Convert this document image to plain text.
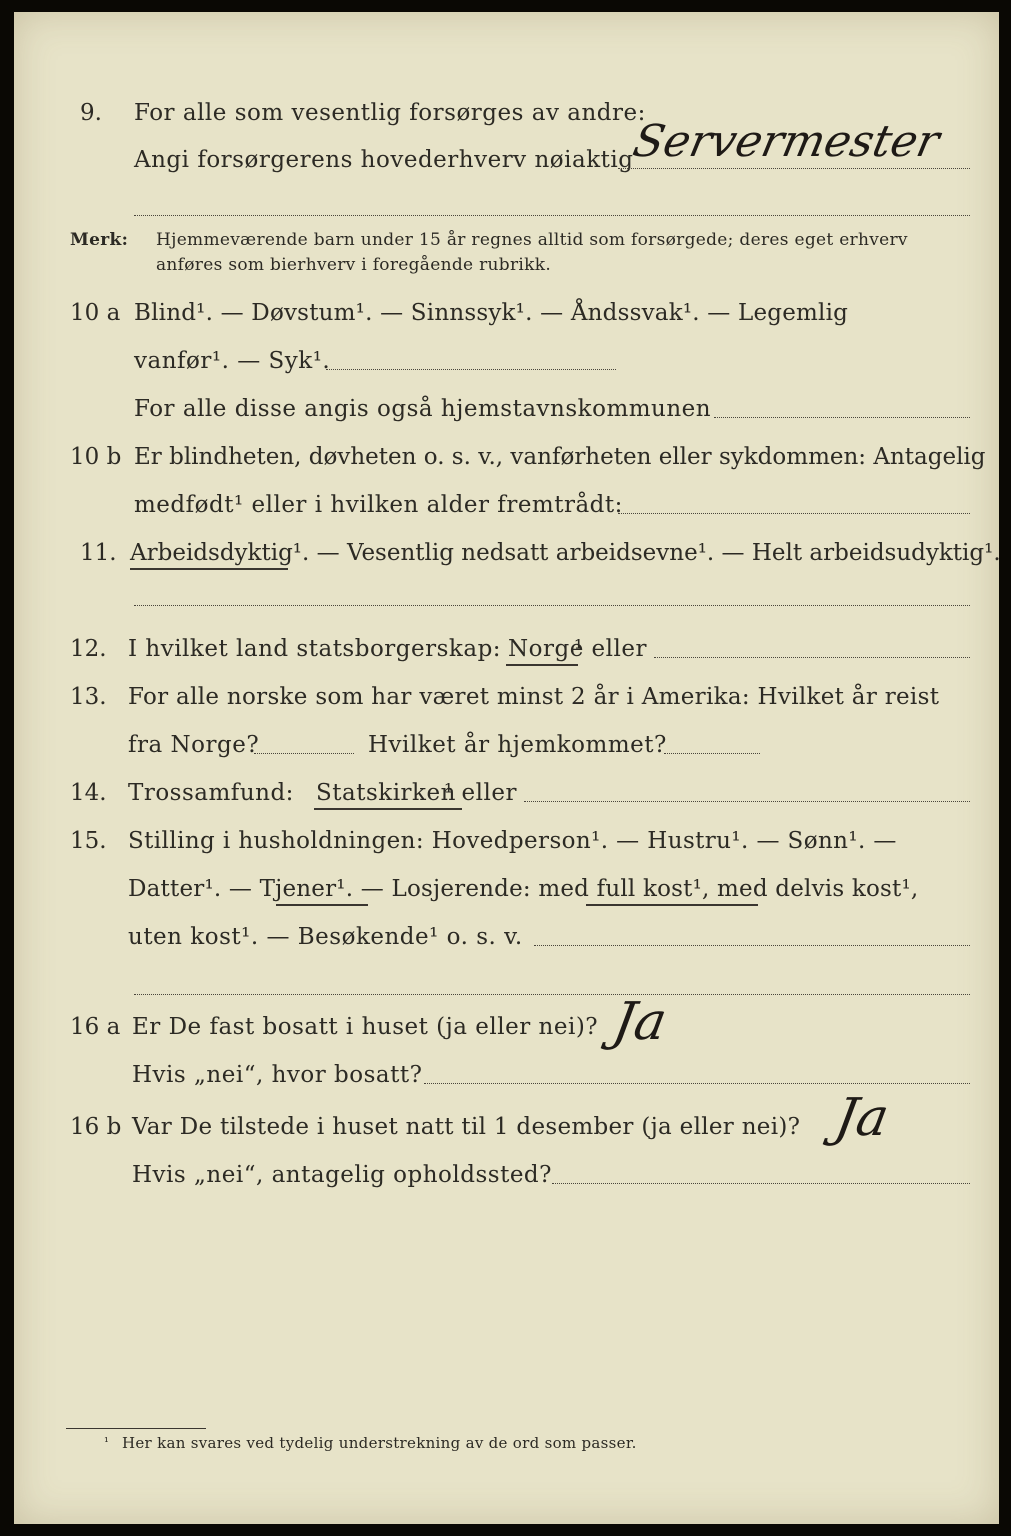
9. For alle som vesentlig forsørges av andre:
Angi forsørgerens hovederhverv nøiaktig
Servermester
Merk: Hjemmeværende barn under 15 år regnes alltid som forsørgede; deres eget erhverv
anføres som bierhverv i foregående rubrikk.
10 a Blind¹. — Døvstum¹. — Sinnssyk¹. — Åndssvak¹. — Legemlig
vanfør¹. — Syk¹.
For alle disse angis også hjemstavnskommunen
10 b Er blindheten, døvheten o. s. v., vanførheten eller sykdommen: Antagelig
medfødt¹ eller i hvilken alder fremtrådt:
11. Arbeidsdyktig¹. — Vesentlig nedsatt arbeidsevne¹. — Helt arbeidsudyktig¹.
12. I hvilket land statsborgerskap: Norge
¹ eller
13. For alle norske som har været minst 2 år i Amerika: Hvilket år reist
fra Norge?	Hvilket år hjemkommet?
14. Trossamfund: Statskirken
¹ eller
15. Stilling i husholdningen: Hovedperson¹. — Hustru¹. — Sønn¹. —
Datter¹. — Tjener¹. — Losjerende: med full kost¹, med delvis kost¹,
uten kost¹. — Besøkende¹ o. s. v.
16 a Er De fast bosatt i huset (ja eller nei)? Ja
Hvis „nei“, hvor bosatt?
16 b Var De tilstede i huset natt til 1 desember (ja eller nei)? Ja
Hvis „nei“, antagelig opholdssted?
¹ Her kan svares ved tydelig understrekning av de ord som passer.
